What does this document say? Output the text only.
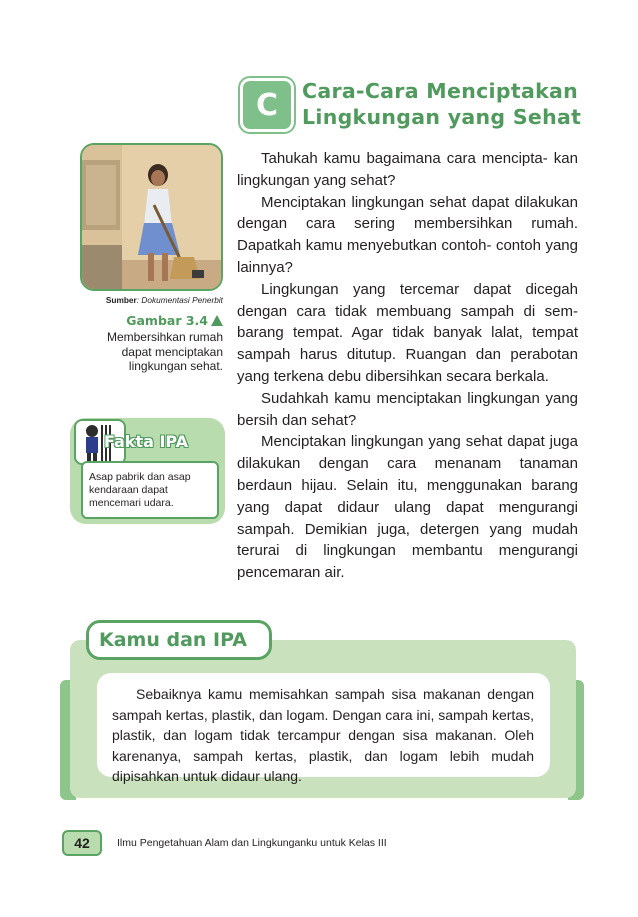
C	Cara-Cara Menciptakan
Lingkungan yang Sehat
Sumber: Dokumentasi Penerbit
Gambar 3.4
Membersihkan rumah dapat menciptakan lingkungan sehat.
Fakta IPA
Asap pabrik dan asap kendaraan dapat mencemari udara.

Tahukah kamu bagaimana cara mencipta- kan lingkungan yang sehat?

Menciptakan lingkungan sehat dapat dilakukan dengan cara sering membersihkan rumah. Dapatkah kamu menyebutkan contoh- contoh yang lainnya?

Lingkungan yang tercemar dapat dicegah dengan cara tidak membuang sampah di sem- barang tempat. Agar tidak banyak lalat, tempat sampah harus ditutup. Ruangan dan perabotan yang terkena debu dibersihkan secara berkala.

Sudahkah kamu menciptakan lingkungan yang bersih dan sehat?

Menciptakan lingkungan yang sehat dapat juga dilakukan dengan cara menanam tanaman berdaun hijau. Selain itu, menggunakan barang yang dapat didaur ulang dapat mengurangi sampah. Demikian juga, detergen yang mudah terurai di lingkungan membantu mengurangi pencemaran air.

Kamu dan IPA

Sebaiknya kamu memisahkan sampah sisa makanan dengan sampah kertas, plastik, dan logam. Dengan cara ini, sampah kertas, plastik, dan logam tidak tercampur dengan sisa makanan. Oleh karenanya, sampah kertas, plastik, dan logam lebih mudah dipisahkan untuk didaur ulang.

42	Ilmu Pengetahuan Alam dan Lingkunganku untuk Kelas III
